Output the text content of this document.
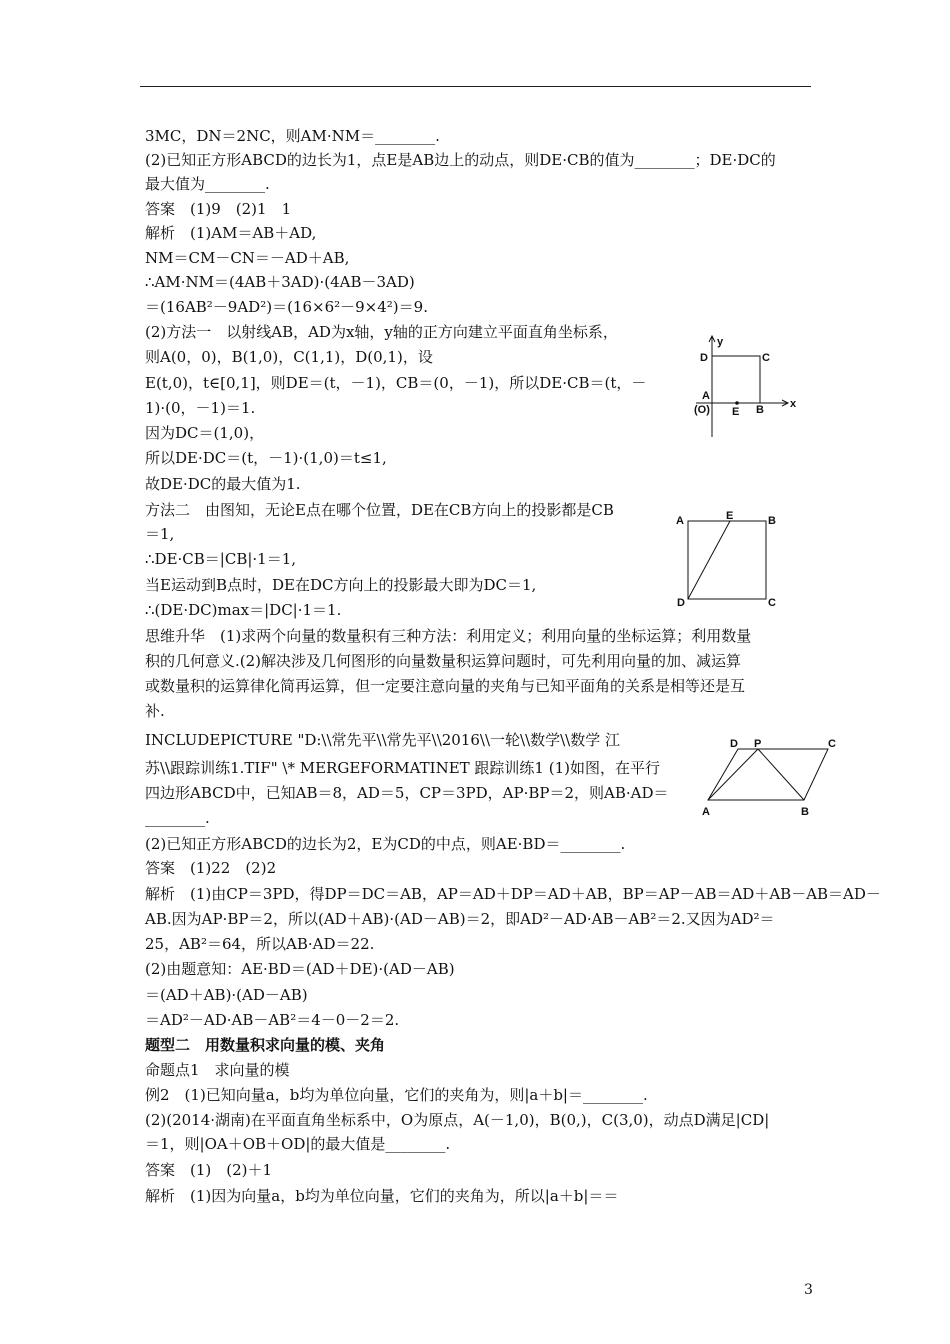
3MC，DN＝2NC，则AM·NM＝________.
(2)已知正方形ABCD的边长为1，点E是AB边上的动点，则DE·CB的值为________；DE·DC的
最大值为________.
答案　(1)9　(2)1　1
解析　(1)AM＝AB＋AD,
NM＝CM－CN＝－AD＋AB,
∴AM·NM＝(4AB＋3AD)·(4AB－3AD)
＝(16AB²－9AD²)＝(16×6²－9×4²)＝9.
(2)方法一　以射线AB，AD为x轴，y轴的正方向建立平面直角坐标系，
则A(0，0)，B(1,0)，C(1,1)，D(0,1)，设
E(t,0)，t∈[0,1]，则DE＝(t，－1)，CB＝(0，－1)，所以DE·CB＝(t，－
1)·(0，－1)＝1.
因为DC＝(1,0)，
所以DE·DC＝(t，－1)·(1,0)＝t≤1,
故DE·DC的最大值为1.
方法二　由图知，无论E点在哪个位置，DE在CB方向上的投影都是CB
＝1,
∴DE·CB＝|CB|·1＝1,
当E运动到B点时，DE在DC方向上的投影最大即为DC＝1,
∴(DE·DC)max＝|DC|·1＝1.
思维升华　(1)求两个向量的数量积有三种方法：利用定义；利用向量的坐标运算；利用数量
积的几何意义.(2)解决涉及几何图形的向量数量积运算问题时，可先利用向量的加、减运算
或数量积的运算律化简再运算，但一定要注意向量的夹角与已知平面角的关系是相等还是互
补.
INCLUDEPICTURE "D:\\常先平\\常先平\\2016\\一轮\\数学\\数学 江
苏\\跟踪训练1.TIF" \* MERGEFORMATINET 跟踪训练1 (1)如图，在平行
四边形ABCD中，已知AB＝8，AD＝5，CP＝3PD，AP·BP＝2，则AB·AD＝
________.
(2)已知正方形ABCD的边长为2，E为CD的中点，则AE·BD＝________.
答案　(1)22　(2)2
解析　(1)由CP＝3PD，得DP＝DC＝AB，AP＝AD＋DP＝AD＋AB，BP＝AP－AB＝AD＋AB－AB＝AD－
AB.因为AP·BP＝2，所以(AD＋AB)·(AD－AB)＝2，即AD²－AD·AB－AB²＝2.又因为AD²＝
25，AB²＝64，所以AB·AD＝22.
(2)由题意知：AE·BD＝(AD＋DE)·(AD－AB)
＝(AD＋AB)·(AD－AB)
＝AD²－AD·AB－AB²＝4－0－2＝2.
题型二　用数量积求向量的模、夹角
命题点1　求向量的模
例2　(1)已知向量a，b均为单位向量，它们的夹角为，则|a＋b|＝________.
(2)(2014·湖南)在平面直角坐标系中，O为原点，A(－1,0)，B(0,)，C(3,0)，动点D满足|CD|
＝1，则|OA＋OB＋OD|的最大值是________.
答案　(1)　(2)＋1
解析　(1)因为向量a，b均为单位向量，它们的夹角为，所以|a＋b|＝＝
y
x
D	C
A
(O) E B
A	E	B
D	C
D P	C
A	B
3
